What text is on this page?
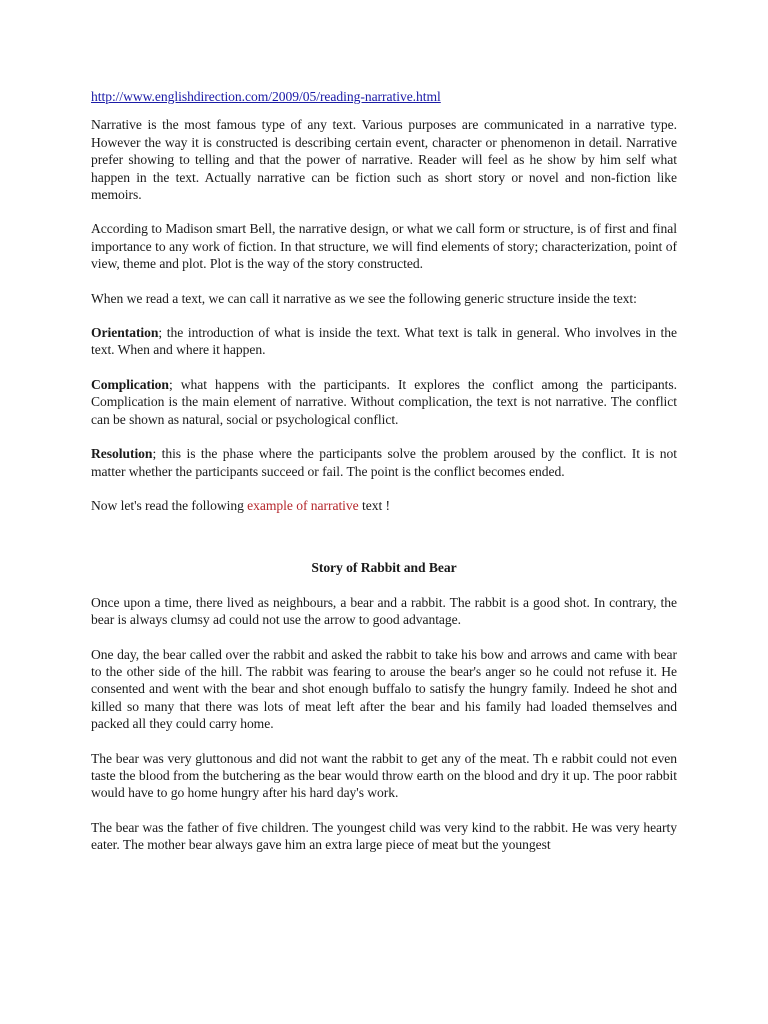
http://www.englishdirection.com/2009/05/reading-narrative.html

Narrative is the most famous type of any text. Various purposes are communicated in a narrative type. However the way it is constructed is describing certain event, character or phenomenon in detail. Narrative prefer showing to telling and that the power of narrative. Reader will feel as he show by him self what happen in the text. Actually narrative can be fiction such as short story or novel and non-fiction like memoirs.

According to Madison smart Bell, the narrative design, or what we call form or structure, is of first and final importance to any work of fiction. In that structure, we will find elements of story; characterization, point of view, theme and plot. Plot is the way of the story constructed.

When we read a text, we can call it narrative as we see the following generic structure inside the text:

Orientation; the introduction of what is inside the text. What text is talk in general. Who involves in the text. When and where it happen.

Complication; what happens with the participants. It explores the conflict among the participants. Complication is the main element of narrative. Without complication, the text is not narrative. The conflict can be shown as natural, social or psychological conflict.

Resolution; this is the phase where the participants solve the problem aroused by the conflict. It is not matter whether the participants succeed or fail. The point is the conflict becomes ended.

Now let's read the following example of narrative text !

Story of Rabbit and Bear

Once upon a time, there lived as neighbours, a bear and a rabbit. The rabbit is a good shot. In contrary, the bear is always clumsy ad could not use the arrow to good advantage.

One day, the bear called over the rabbit and asked the rabbit to take his bow and arrows and came with bear to the other side of the hill. The rabbit was fearing to arouse the bear's anger so he could not refuse it. He consented and went with the bear and shot enough buffalo to satisfy the hungry family. Indeed he shot and killed so many that there was lots of meat left after the bear and his family had loaded themselves and packed all they could carry home.

The bear was very gluttonous and did not want the rabbit to get any of the meat. Th e rabbit could not even taste the blood from the butchering as the bear would throw earth on the blood and dry it up. The poor rabbit would have to go home hungry after his hard day's work.

The bear was the father of five children. The youngest child was very kind to the rabbit. He was very hearty eater. The mother bear always gave him an extra large piece of meat but the youngest
